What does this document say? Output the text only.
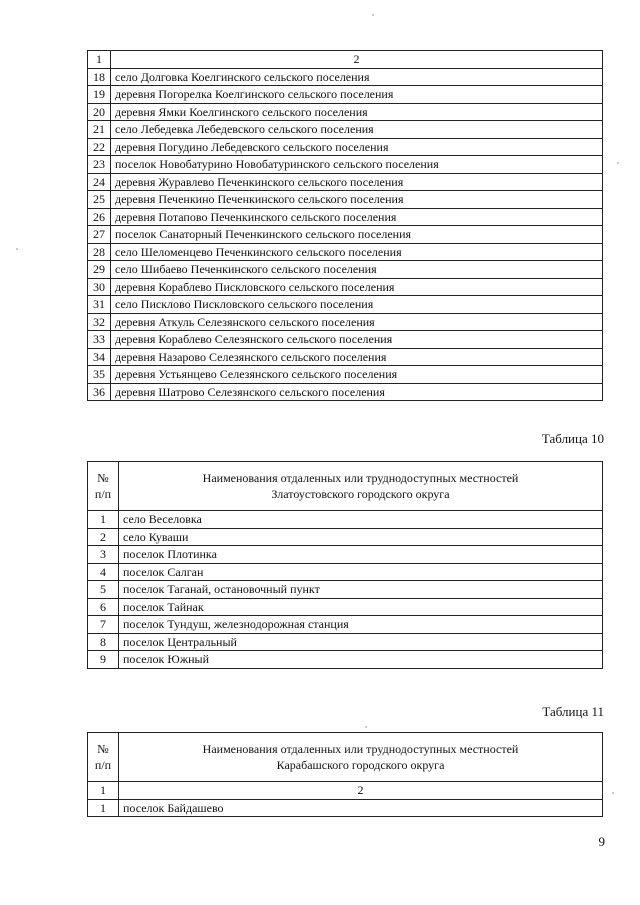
1	2
18	село Долговка Коелгинского сельского поселения
19	деревня Погорелка Коелгинского сельского поселения
20	деревня Ямки Коелгинского сельского поселения
21	село Лебедевка Лебедевского сельского поселения
22	деревня Погудино Лебедевского сельского поселения
23	поселок Новобатурино Новобатуринского сельского поселения
24	деревня Журавлево Печенкинского сельского поселения
25	деревня Печенкино Печенкинского сельского поселения
26	деревня Потапово Печенкинского сельского поселения
27	поселок Санаторный Печенкинского сельского поселения
28	село Шеломенцево Печенкинского сельского поселения
29	село Шибаево Печенкинского сельского поселения
30	деревня Кораблево Пискловского сельского поселения
31	село Писклово Пискловского сельского поселения
32	деревня Аткуль Селезянского сельского поселения
33	деревня Кораблево Селезянского сельского поселения
34	деревня Назарово Селезянского сельского поселения
35	деревня Устьянцево Селезянского сельского поселения
36	деревня Шатрово Селезянского сельского поселения
Таблица 10
№ п/п	Наименования отдаленных или труднодоступных местностей
Златоустовского городского округа

1	село Веселовка
2	село Куваши
3	поселок Плотинка
4	поселок Салган
5	поселок Таганай, остановочный пункт
6	поселок Тайнак
7	поселок Тундуш, железнодорожная станция
8	поселок Центральный
9	поселок Южный
Таблица 11
№ п/п	Наименования отдаленных или труднодоступных местностей
Карабашского городского округа

1	2
1	поселок Байдашево
9
